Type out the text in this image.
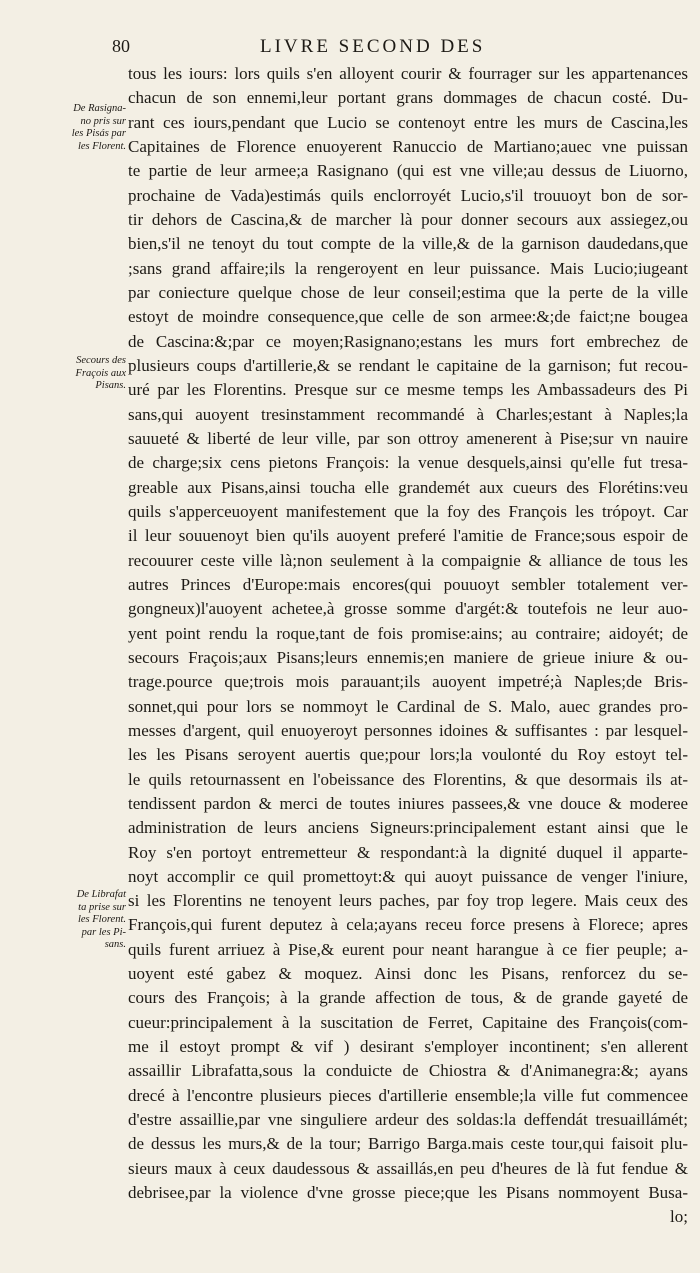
80	LIVRE SECOND DES
De Rasigna-
no pris sur
les Pisás par
les Florent.
Secours des
Fraçois aux
Pisans.
De Librafat
ta prise sur
les Florent.
par les Pi-
sans.
tous les iours: lors quils s'en alloyent courir & fourrager sur les appartenances
chacun de son ennemi,leur portant grans dommages de chacun costé. Du-
rant ces iours,pendant que Lucio se contenoyt entre les murs de Cascina,les
Capitaines de Florence enuoyerent Ranuccio de Martiano;auec vne puissan
te partie de leur armee;a Rasignano (qui est vne ville;au dessus de Liuorno,
prochaine de Vada)estimás quils enclorroyét Lucio,s'il trouuoyt bon de sor-
tir dehors de Cascina,& de marcher là pour donner secours aux assiegez,ou
bien,s'il ne tenoyt du tout compte de la ville,& de la garnison daudedans,que
;sans grand affaire;ils la rengeroyent en leur puissance. Mais Lucio;iugeant
par coniecture quelque chose de leur conseil;estima que la perte de la ville
estoyt de moindre consequence,que celle de son armee:&;de faict;ne bougea
de Cascina:&;par ce moyen;Rasignano;estans les murs fort embrechez de
plusieurs coups d'artillerie,& se rendant le capitaine de la garnison; fut recou-
uré par les Florentins. Presque sur ce mesme temps les Ambassadeurs des Pi
sans,qui auoyent tresinstamment recommandé à Charles;estant à Naples;la
sauueté & liberté de leur ville, par son ottroy amenerent à Pise;sur vn nauire
de charge;six cens pietons François: la venue desquels,ainsi qu'elle fut tresa-
greable aux Pisans,ainsi toucha elle grandemét aux cueurs des Florétins:veu
quils s'apperceuoyent manifestement que la foy des François les trópoyt. Car
il leur souuenoyt bien qu'ils auoyent preferé l'amitie de France;sous espoir de
recouurer ceste ville là;non seulement à la compaignie & alliance de tous les
autres Princes d'Europe:mais encores(qui pouuoyt sembler totalement ver-
gongneux)l'auoyent achetee,à grosse somme d'argét:& toutefois ne leur auo-
yent point rendu la roque,tant de fois promise:ains; au contraire; aidoyét; de
secours Fraçois;aux Pisans;leurs ennemis;en maniere de grieue iniure & ou-
trage.pource que;trois mois parauant;ils auoyent impetré;à Naples;de Bris-
sonnet,qui pour lors se nommoyt le Cardinal de S. Malo, auec grandes pro-
messes d'argent, quil enuoyeroyt personnes idoines & suffisantes : par lesquel-
les les Pisans seroyent auertis que;pour lors;la voulonté du Roy estoyt tel-
le quils retournassent en l'obeissance des Florentins, & que desormais ils at-
tendissent pardon & merci de toutes iniures passees,& vne douce & moderee
administration de leurs anciens Signeurs:principalement estant ainsi que le
Roy s'en portoyt entremetteur & respondant:à la dignité duquel il apparte-
noyt accomplir ce quil promettoyt:& qui auoyt puissance de venger l'iniure,
si les Florentins ne tenoyent leurs paches, par foy trop legere. Mais ceux des
François,qui furent deputez à cela;ayans receu force presens à Florece; apres
quils furent arriuez à Pise,& eurent pour neant harangue à ce fier peuple; a-
uoyent esté gabez & moquez. Ainsi donc les Pisans, renforcez du se-
cours des François; à la grande affection de tous, & de grande gayeté de
cueur:principalement à la suscitation de Ferret, Capitaine des François(com-
me il estoyt prompt & vif ) desirant s'employer incontinent; s'en allerent
assaillir Librafatta,sous la conduicte de Chiostra & d'Animanegra:&; ayans
drecé à l'encontre plusieurs pieces d'artillerie ensemble;la ville fut commencee
d'estre assaillie,par vne singuliere ardeur des soldas:la deffendát tresuaillámét;
de dessus les murs,& de la tour; Barrigo Barga.mais ceste tour,qui faisoit plu-
sieurs maux à ceux daudessous & assaillás,en peu d'heures de là fut fendue &
debrisee,par la violence d'vne grosse piece;que les Pisans nommoyent Busa-
lo;
